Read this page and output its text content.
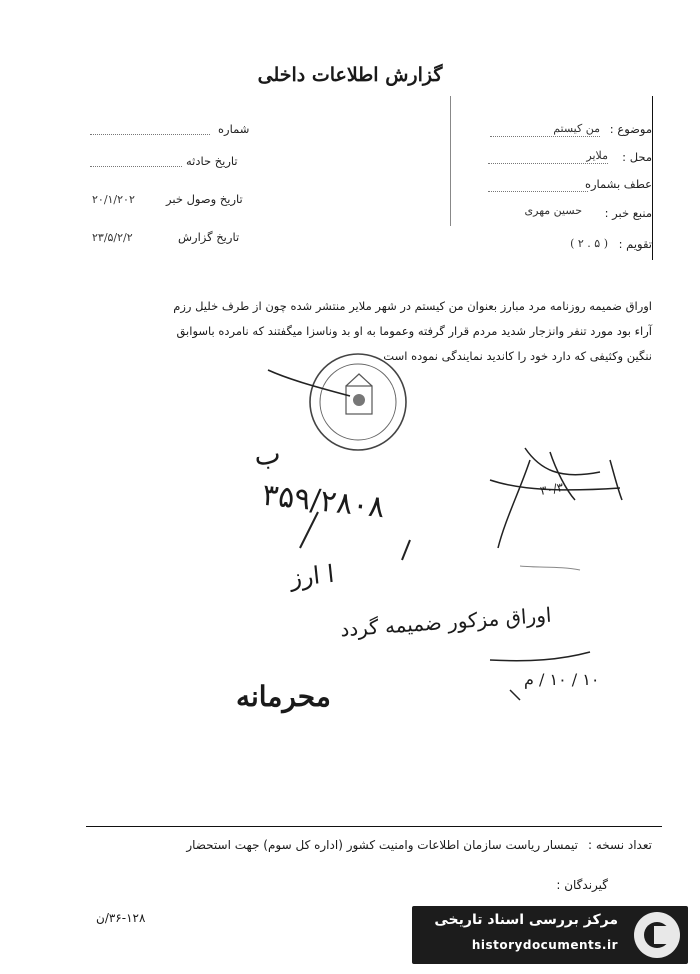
گزارش اطلاعات داخلی
موضوع :
من کیستم
محل :
ملایر
عطف بشماره
منبع خبر :
حسین مهری
تقویم :
( ۲ . ۵ )
شماره
تاریخ حادثه
تاریخ وصول خبر
۲۰/۱/۲۰۲
تاریخ گزارش
۲۳/۵/۲/۲
اوراق ضمیمه روزنامه مرد مبارز بعنوان من کیستم در شهر ملایر منتشر شده چون از طرف خلیل رزم
آراء بود مورد تنفر وانزجار شدید مردم قرار گرفته وعموما به او بد وناسزا میگفتند که نامرده باسوابق
ننگین وکثیفی که دارد خود را کاندید نمایندگی نموده است
ب
۳۵۹/۲۸۰۸
ا ارز
اوراق مزکور ضمیمه گردد
۱۰ / ۱۰ / م
۳۰/۳
محرمانه
تعداد نسخه :
تیمسار ریاست سازمان اطلاعات وامنیت کشور (اداره کل سوم) جهت استحضار
گیرندگان :
۳۶-۱۲۸/ن	مرکز بررسی اسناد تاریخی
historydocuments.ir
